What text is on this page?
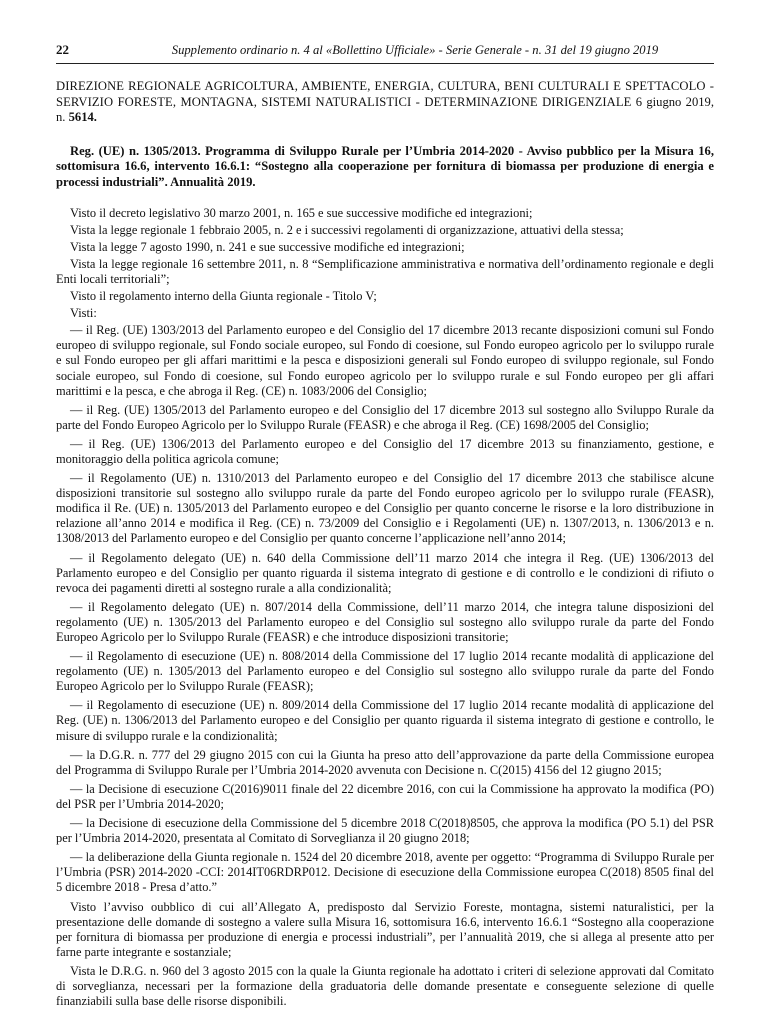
22	Supplemento ordinario n. 4 al «Bollettino Ufficiale» - Serie Generale - n. 31 del 19 giugno 2019
DIREZIONE REGIONALE AGRICOLTURA, AMBIENTE, ENERGIA, CULTURA, BENI CULTURALI E SPETTACOLO - SERVIZIO FORESTE, MONTAGNA, SISTEMI NATURALISTICI - DETERMINAZIONE DIRIGENZIALE 6 giugno 2019, n. 5614.
Reg. (UE) n. 1305/2013. Programma di Sviluppo Rurale per l’Umbria 2014-2020 - Avviso pubblico per la Misura 16, sottomisura 16.6, intervento 16.6.1: “Sostegno alla cooperazione per fornitura di biomassa per produzione di energia e processi industriali”. Annualità 2019.

Visto il decreto legislativo 30 marzo 2001, n. 165 e sue successive modifiche ed integrazioni;

Vista la legge regionale 1 febbraio 2005, n. 2 e i successivi regolamenti di organizzazione, attuativi della stessa;

Vista la legge 7 agosto 1990, n. 241 e sue successive modifiche ed integrazioni;

Vista la legge regionale 16 settembre 2011, n. 8 “Semplificazione amministrativa e normativa dell’ordinamento regionale e degli Enti locali territoriali”;

Visto il regolamento interno della Giunta regionale - Titolo V;

Visti:

— il Reg. (UE) 1303/2013 del Parlamento europeo e del Consiglio del 17 dicembre 2013 recante disposizioni comuni sul Fondo europeo di sviluppo regionale, sul Fondo sociale europeo, sul Fondo di coesione, sul Fondo europeo agricolo per lo sviluppo rurale e sul Fondo europeo per gli affari marittimi e la pesca e disposizioni generali sul Fondo europeo di sviluppo regionale, sul Fondo sociale europeo, sul Fondo di coesione, sul Fondo europeo agricolo per lo sviluppo rurale e sul Fondo europeo per gli affari marittimi e la pesca, e che abroga il Reg. (CE) n. 1083/2006 del Consiglio;

— il Reg. (UE) 1305/2013 del Parlamento europeo e del Consiglio del 17 dicembre 2013 sul sostegno allo Sviluppo Rurale da parte del Fondo Europeo Agricolo per lo Sviluppo Rurale (FEASR) e che abroga il Reg. (CE) 1698/2005 del Consiglio;

— il Reg. (UE) 1306/2013 del Parlamento europeo e del Consiglio del 17 dicembre 2013 su finanziamento, gestione, e monitoraggio della politica agricola comune;

— il Regolamento (UE) n. 1310/2013 del Parlamento europeo e del Consiglio del 17 dicembre 2013 che stabilisce alcune disposizioni transitorie sul sostegno allo sviluppo rurale da parte del Fondo europeo agricolo per lo sviluppo rurale (FEASR), modifica il Re. (UE) n. 1305/2013 del Parlamento europeo e del Consiglio per quanto concerne le risorse e la loro distribuzione in relazione all’anno 2014 e modifica il Reg. (CE) n. 73/2009 del Consiglio e i Regolamenti (UE) n. 1307/2013, n. 1306/2013 e n. 1308/2013 del Parlamento europeo e del Consiglio per quanto concerne l’applicazione nell’anno 2014;

— il Regolamento delegato (UE) n. 640 della Commissione dell’11 marzo 2014 che integra il Reg. (UE) 1306/2013 del Parlamento europeo e del Consiglio per quanto riguarda il sistema integrato di gestione e di controllo e le condizioni di rifiuto o revoca dei pagamenti diretti al sostegno rurale a alla condizionalità;

— il Regolamento delegato (UE) n. 807/2014 della Commissione, dell’11 marzo 2014, che integra talune disposizioni del regolamento (UE) n. 1305/2013 del Parlamento europeo e del Consiglio sul sostegno allo sviluppo rurale da parte del Fondo Europeo Agricolo per lo Sviluppo Rurale (FEASR) e che introduce disposizioni transitorie;

— il Regolamento di esecuzione (UE) n. 808/2014 della Commissione del 17 luglio 2014 recante modalità di applicazione del regolamento (UE) n. 1305/2013 del Parlamento europeo e del Consiglio sul sostegno allo sviluppo rurale da parte del Fondo Europeo Agricolo per lo Sviluppo Rurale (FEASR);

— il Regolamento di esecuzione (UE) n. 809/2014 della Commissione del 17 luglio 2014 recante modalità di applicazione del Reg. (UE) n. 1306/2013 del Parlamento europeo e del Consiglio per quanto riguarda il sistema integrato di gestione e controllo, le misure di sviluppo rurale e la condizionalità;

— la D.G.R. n. 777 del 29 giugno 2015 con cui la Giunta ha preso atto dell’approvazione da parte della Commissione europea del Programma di Sviluppo Rurale per l’Umbria 2014-2020 avvenuta con Decisione n. C(2015) 4156 del 12 giugno 2015;

— la Decisione di esecuzione C(2016)9011 finale del 22 dicembre 2016, con cui la Commissione ha approvato la modifica (PO) del PSR per l’Umbria 2014-2020;

— la Decisione di esecuzione della Commissione del 5 dicembre 2018 C(2018)8505, che approva la modifica (PO 5.1) del PSR per l’Umbria 2014-2020, presentata al Comitato di Sorveglianza il 20 giugno 2018;

— la deliberazione della Giunta regionale n. 1524 del 20 dicembre 2018, avente per oggetto: “Programma di Sviluppo Rurale per l’Umbria (PSR) 2014-2020 -CCI: 2014IT06RDRP012. Decisione di esecuzione della Commissione europea C(2018) 8505 final del 5 dicembre 2018 - Presa d’atto.”

Visto l’avviso oubblico di cui all’Allegato A, predisposto dal Servizio Foreste, montagna, sistemi naturalistici, per la presentazione delle domande di sostegno a valere sulla Misura 16, sottomisura 16.6, intervento 16.6.1 “Sostegno alla cooperazione per fornitura di biomassa per produzione di energia e processi industriali”, per l’annualità 2019, che si allega al presente atto per farne parte integrante e sostanziale;

Vista le D.R.G. n. 960 del 3 agosto 2015 con la quale la Giunta regionale ha adottato i criteri di selezione approvati dal Comitato di sorveglianza, necessari per la formazione della graduatoria delle domande presentate e conseguente selezione di quelle finanziabili sulla base delle risorse disponibili.
